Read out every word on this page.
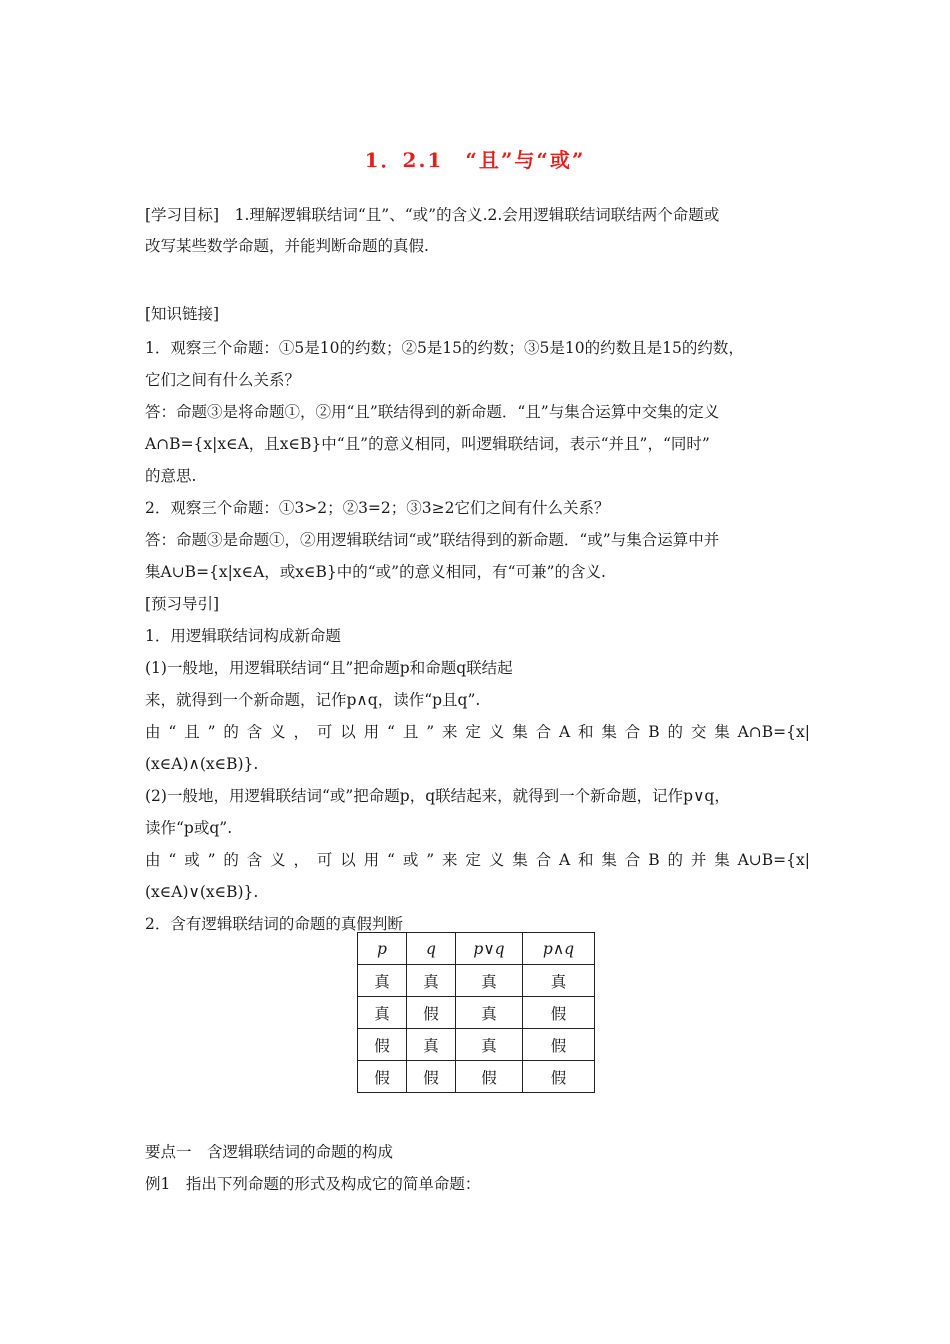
1．2.1　“且”与“或”
[学习目标]　1.理解逻辑联结词“且”、“或”的含义.2.会用逻辑联结词联结两个命题或
改写某些数学命题，并能判断命题的真假.
[知识链接]
1．观察三个命题：①5是10的约数；②5是15的约数；③5是10的约数且是15的约数，
它们之间有什么关系？
答：命题③是将命题①，②用“且”联结得到的新命题．“且”与集合运算中交集的定义
A∩B={x|x∈A，且x∈B}中“且”的意义相同，叫逻辑联结词，表示“并且”，“同时”
的意思.
2．观察三个命题：①3>2；②3=2；③3≥2它们之间有什么关系？
答：命题③是命题①，②用逻辑联结词“或”联结得到的新命题．“或”与集合运算中并
集A∪B={x|x∈A，或x∈B}中的“或”的意义相同，有“可兼”的含义.
[预习导引]
1．用逻辑联结词构成新命题
(1)一般地，用逻辑联结词“且”把命题p和命题q联结起
来，就得到一个新命题，记作p∧q，读作“p且q”.
由“且”的含义，可以用“且”来定义集合A和集合B的交集A∩B={x|
(x∈A)∧(x∈B)}.
(2)一般地，用逻辑联结词“或”把命题p，q联结起来，就得到一个新命题，记作p∨q，
读作“p或q”.
由“或”的含义，可以用“或”来定义集合A和集合B的并集A∪B={x|
(x∈A)∨(x∈B)}.
2．含有逻辑联结词的命题的真假判断
p	q	p∨q	p∧q
真	真	真	真
真	假	真	假
假	真	真	假
假	假	假	假
要点一　含逻辑联结词的命题的构成
例1　指出下列命题的形式及构成它的简单命题：
